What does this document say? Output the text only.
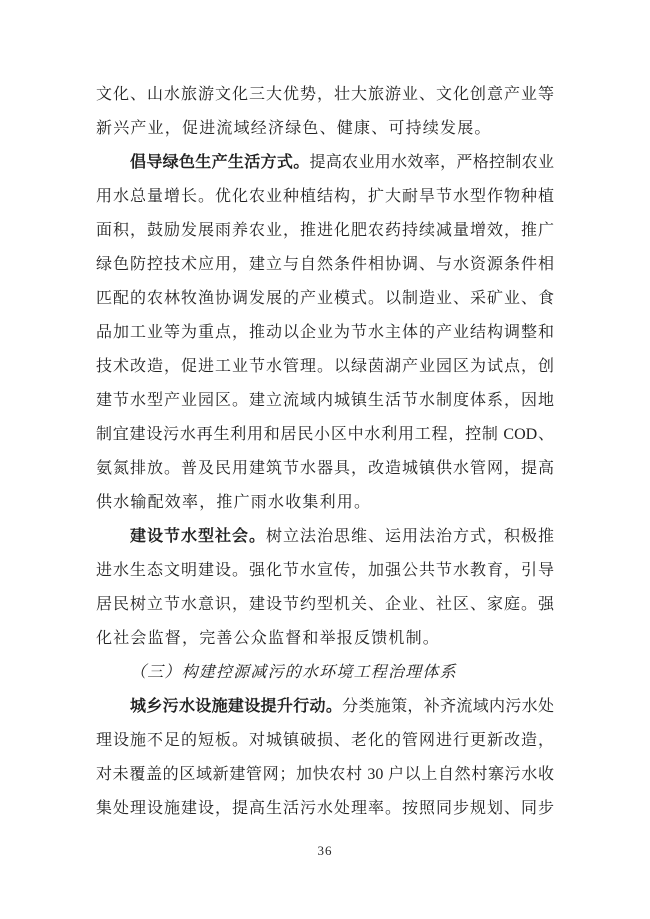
文化、山水旅游文化三大优势，壮大旅游业、文化创意产业等
新兴产业，促进流域经济绿色、健康、可持续发展。
倡导绿色生产生活方式。提高农业用水效率，严格控制农业
用水总量增长。优化农业种植结构，扩大耐旱节水型作物种植
面积，鼓励发展雨养农业，推进化肥农药持续减量增效，推广
绿色防控技术应用，建立与自然条件相协调、与水资源条件相
匹配的农林牧渔协调发展的产业模式。以制造业、采矿业、食
品加工业等为重点，推动以企业为节水主体的产业结构调整和
技术改造，促进工业节水管理。以绿茵湖产业园区为试点，创
建节水型产业园区。建立流域内城镇生活节水制度体系，因地
制宜建设污水再生利用和居民小区中水利用工程，控制 COD、
氨氮排放。普及民用建筑节水器具，改造城镇供水管网，提高
供水输配效率，推广雨水收集利用。
建设节水型社会。树立法治思维、运用法治方式，积极推
进水生态文明建设。强化节水宣传，加强公共节水教育，引导
居民树立节水意识，建设节约型机关、企业、社区、家庭。强
化社会监督，完善公众监督和举报反馈机制。
（三）构建控源减污的水环境工程治理体系
城乡污水设施建设提升行动。分类施策，补齐流域内污水处
理设施不足的短板。对城镇破损、老化的管网进行更新改造，
对未覆盖的区域新建管网；加快农村 30 户以上自然村寨污水收
集处理设施建设，提高生活污水处理率。按照同步规划、同步
36
